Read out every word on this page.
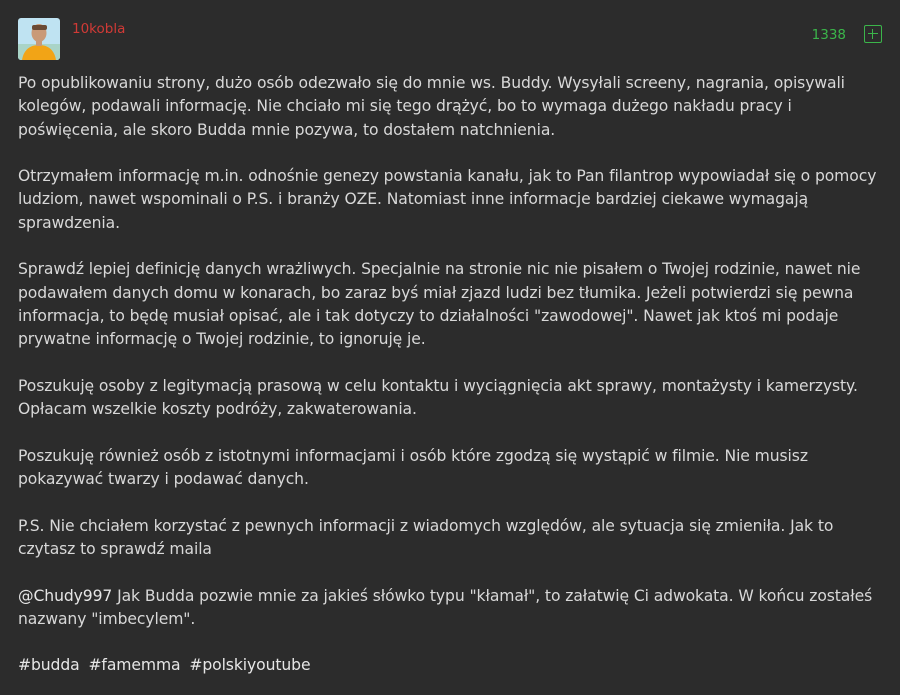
10kobla	1338

Po opublikowaniu strony, dużo osób odezwało się do mnie ws. Buddy. Wysyłali screeny, nagrania, opisywali kolegów, podawali informację. Nie chciało mi się tego drążyć, bo to wymaga dużego nakładu pracy i poświęcenia, ale skoro Budda mnie pozywa, to dostałem natchnienia.

Otrzymałem informację m.in. odnośnie genezy powstania kanału, jak to Pan filantrop wypowiadał się o pomocy ludziom, nawet wspominali o P.S. i branży OZE. Natomiast inne informacje bardziej ciekawe wymagają sprawdzenia.

Sprawdź lepiej definicję danych wrażliwych. Specjalnie na stronie nic nie pisałem o Twojej rodzinie, nawet nie podawałem danych domu w konarach, bo zaraz byś miał zjazd ludzi bez tłumika. Jeżeli potwierdzi się pewna informacja, to będę musiał opisać, ale i tak dotyczy to działalności "zawodowej". Nawet jak ktoś mi podaje prywatne informację o Twojej rodzinie, to ignoruję je.

Poszukuję osoby z legitymacją prasową w celu kontaktu i wyciągnięcia akt sprawy, montażysty i kamerzysty. Opłacam wszelkie koszty podróży, zakwaterowania.

Poszukuję również osób z istotnymi informacjami i osób które zgodzą się wystąpić w filmie. Nie musisz pokazywać twarzy i podawać danych.

P.S. Nie chciałem korzystać z pewnych informacji z wiadomych względów, ale sytuacja się zmieniła. Jak to czytasz to sprawdź maila

@Chudy997 Jak Budda pozwie mnie za jakieś słówko typu "kłamał", to załatwię Ci adwokata. W końcu zostałeś nazwany "imbecylem".

#budda #famemma #polskiyoutube
